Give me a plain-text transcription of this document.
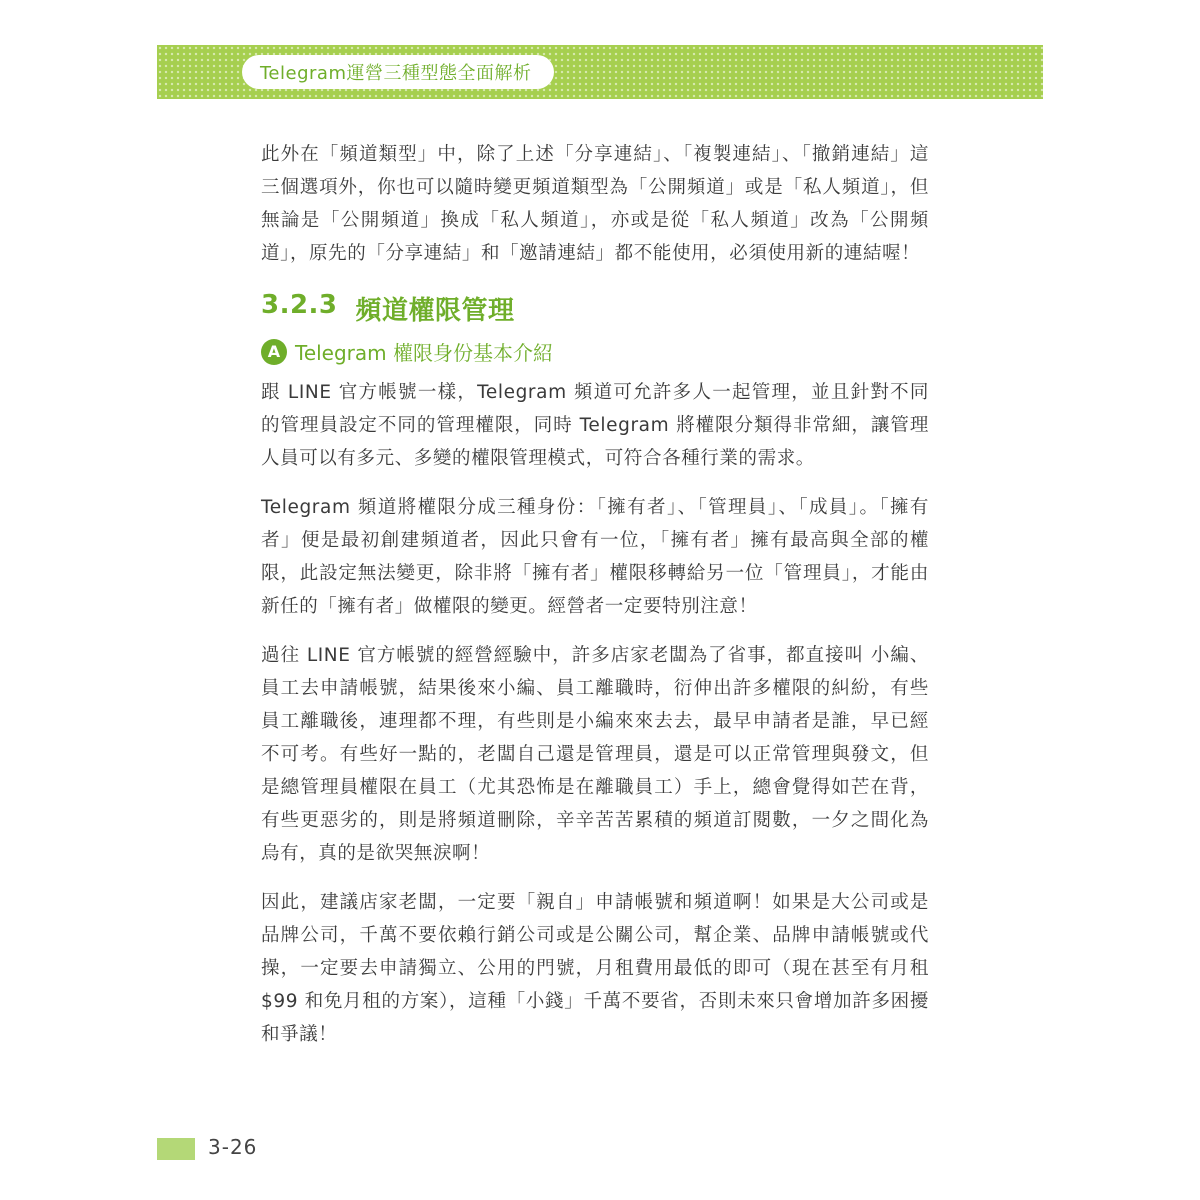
Telegram運營三種型態全面解析

此外在「頻道類型」中，除了上述「分享連結」、「複製連結」、「撤銷連結」這三個選項外，你也可以隨時變更頻道類型為「公開頻道」或是「私人頻道」，但無論是「公開頻道」換成「私人頻道」，亦或是從「私人頻道」改為「公開頻道」，原先的「分享連結」和「邀請連結」都不能使用，必須使用新的連結喔！

3.2.3 頻道權限管理
A Telegram 權限身份基本介紹

跟 LINE 官方帳號一樣，Telegram 頻道可允許多人一起管理，並且針對不同的管理員設定不同的管理權限，同時 Telegram 將權限分類得非常細，讓管理人員可以有多元、多變的權限管理模式，可符合各種行業的需求。

Telegram 頻道將權限分成三種身份：「擁有者」、「管理員」、「成員」。「擁有者」便是最初創建頻道者，因此只會有一位，「擁有者」擁有最高與全部的權限，此設定無法變更，除非將「擁有者」權限移轉給另一位「管理員」，才能由新任的「擁有者」做權限的變更。經營者一定要特別注意！

過往 LINE 官方帳號的經營經驗中，許多店家老闆為了省事，都直接叫 小編、員工去申請帳號，結果後來小編、員工離職時，衍伸出許多權限的糾紛，有些員工離職後，連理都不理，有些則是小編來來去去，最早申請者是誰，早已經不可考。有些好一點的，老闆自己還是管理員，還是可以正常管理與發文，但是總管理員權限在員工（尤其恐怖是在離職員工）手上，總會覺得如芒在背，有些更惡劣的，則是將頻道刪除，辛辛苦苦累積的頻道訂閱數，一夕之間化為烏有，真的是欲哭無淚啊！

因此，建議店家老闆，一定要「親自」申請帳號和頻道啊！如果是大公司或是品牌公司，千萬不要依賴行銷公司或是公關公司，幫企業、品牌申請帳號或代操，一定要去申請獨立、公用的門號，月租費用最低的即可（現在甚至有月租 $99 和免月租的方案），這種「小錢」千萬不要省，否則未來只會增加許多困擾和爭議！

3-26
